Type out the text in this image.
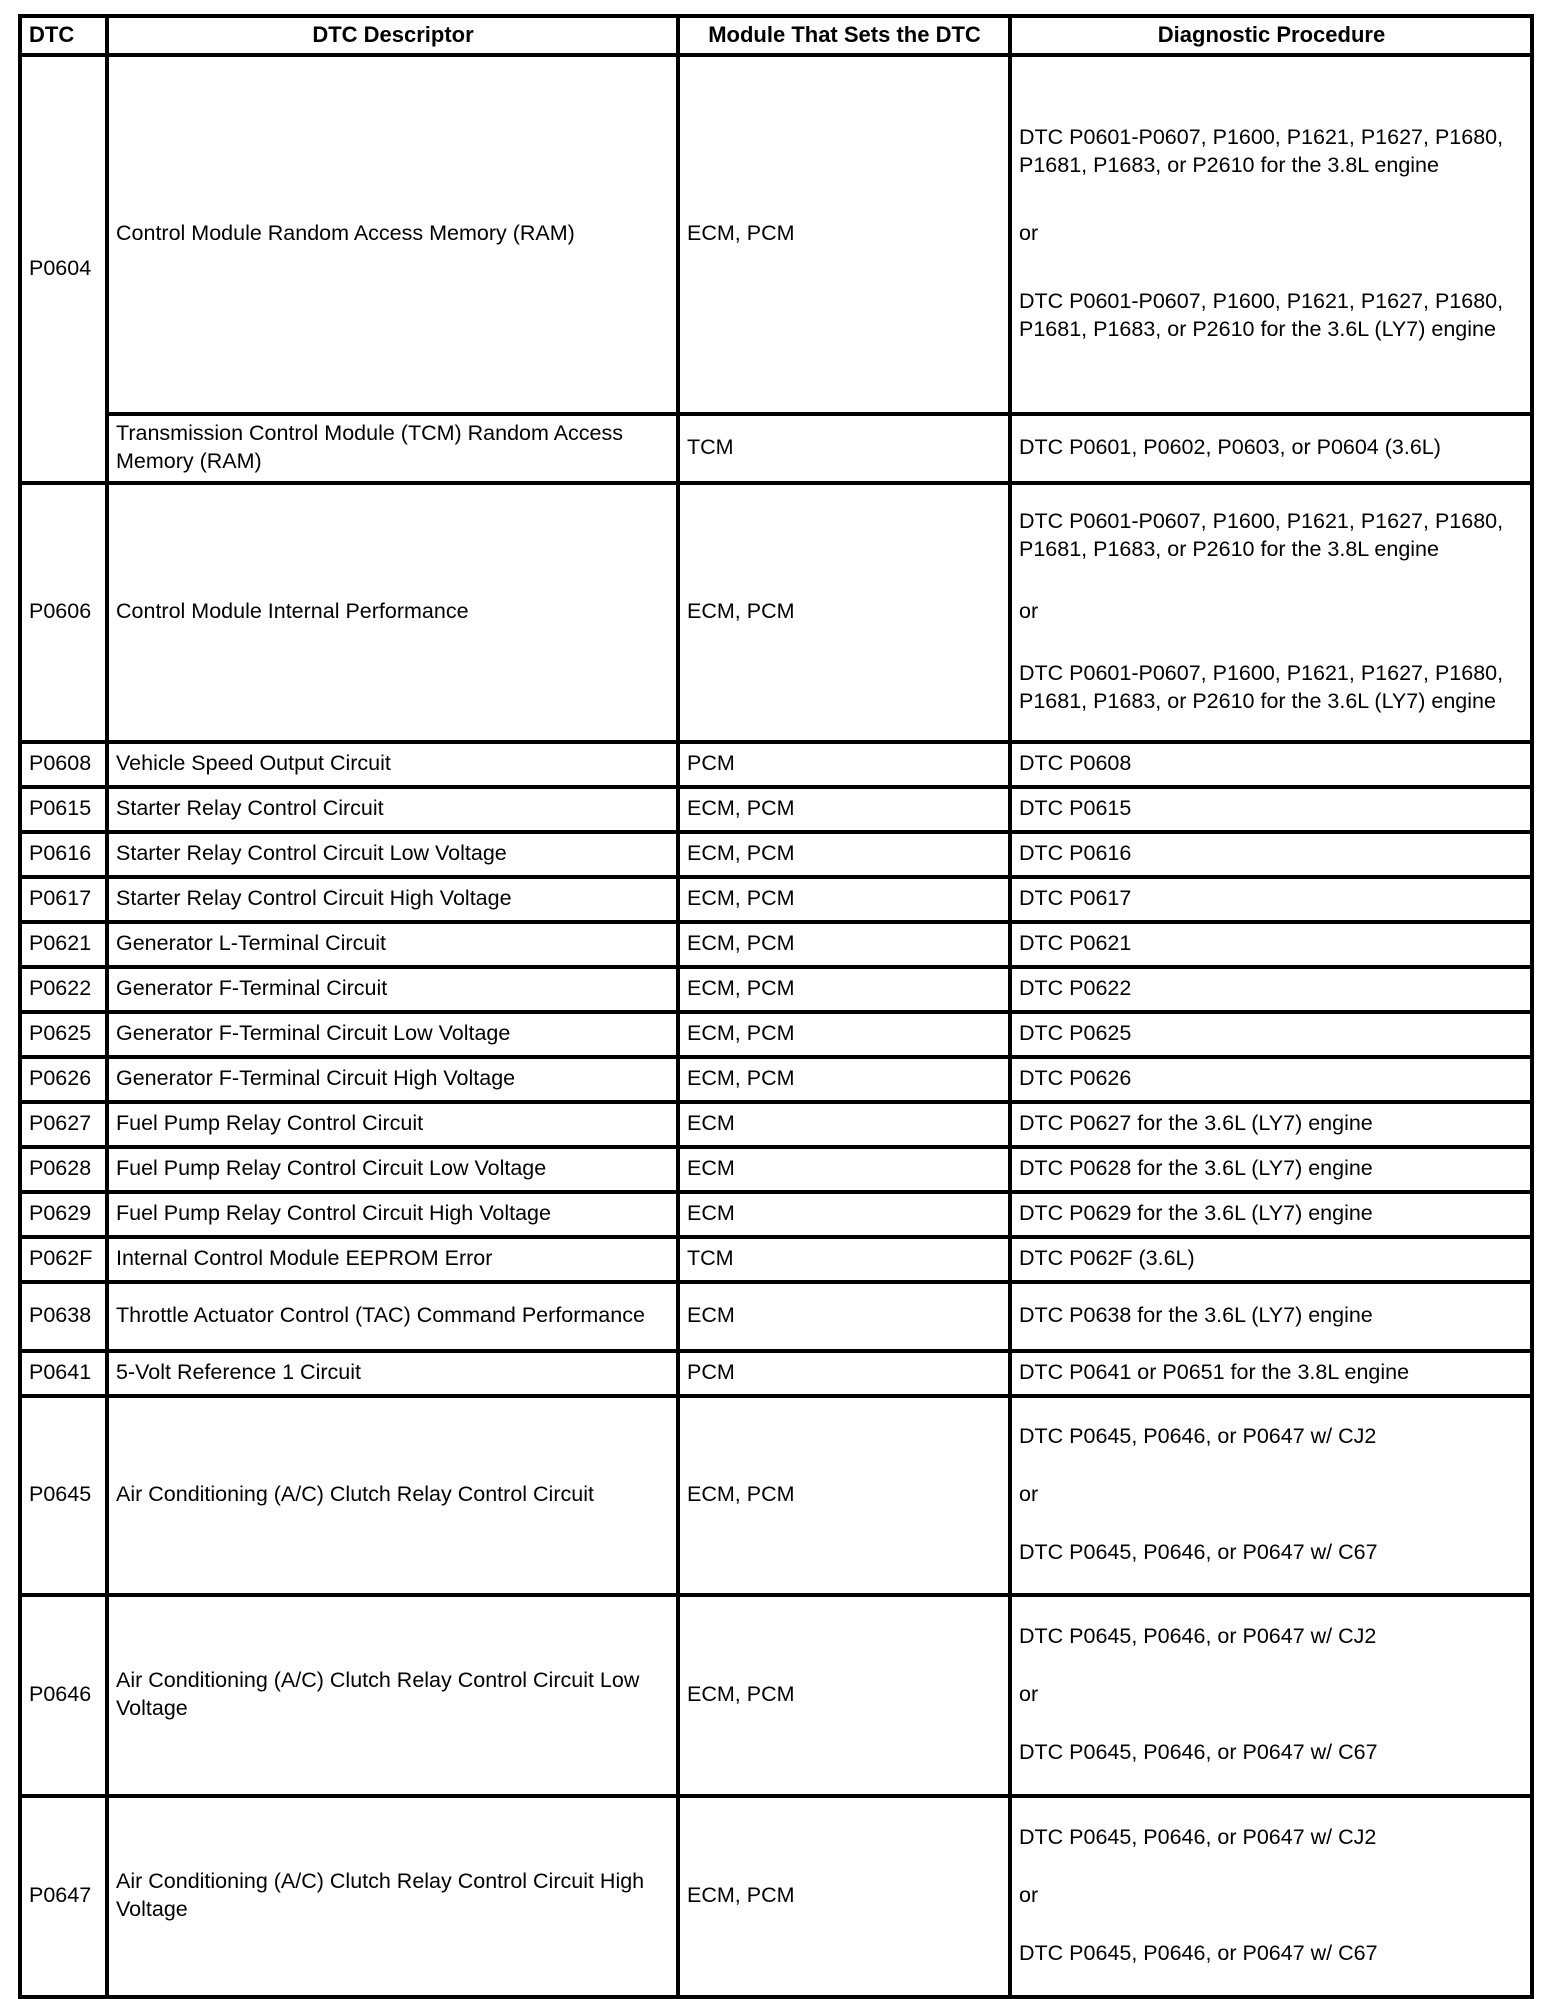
DTC	DTC Descriptor	Module That Sets the DTC	Diagnostic Procedure
P0604	Control Module Random Access Memory (RAM)	ECM, PCM	DTC P0601-P0607, P1600, P1621, P1627, P1680, P1681, P1683, or P2610 for the 3.8L engine
or
DTC P0601-P0607, P1600, P1621, P1627, P1680, P1681, P1683, or P2610 for the 3.6L (LY7) engine

	Transmission Control Module (TCM) Random Access Memory (RAM)	TCM	DTC P0601, P0602, P0603, or P0604 (3.6L)
P0606	Control Module Internal Performance	ECM, PCM	DTC P0601-P0607, P1600, P1621, P1627, P1680, P1681, P1683, or P2610 for the 3.8L engine
or
DTC P0601-P0607, P1600, P1621, P1627, P1680, P1681, P1683, or P2610 for the 3.6L (LY7) engine

P0608	Vehicle Speed Output Circuit	PCM	DTC P0608
P0615	Starter Relay Control Circuit	ECM, PCM	DTC P0615
P0616	Starter Relay Control Circuit Low Voltage	ECM, PCM	DTC P0616
P0617	Starter Relay Control Circuit High Voltage	ECM, PCM	DTC P0617
P0621	Generator L-Terminal Circuit	ECM, PCM	DTC P0621
P0622	Generator F-Terminal Circuit	ECM, PCM	DTC P0622
P0625	Generator F-Terminal Circuit Low Voltage	ECM, PCM	DTC P0625
P0626	Generator F-Terminal Circuit High Voltage	ECM, PCM	DTC P0626
P0627	Fuel Pump Relay Control Circuit	ECM	DTC P0627 for the 3.6L (LY7) engine
P0628	Fuel Pump Relay Control Circuit Low Voltage	ECM	DTC P0628 for the 3.6L (LY7) engine
P0629	Fuel Pump Relay Control Circuit High Voltage	ECM	DTC P0629 for the 3.6L (LY7) engine
P062F	Internal Control Module EEPROM Error	TCM	DTC P062F (3.6L)
P0638	Throttle Actuator Control (TAC) Command Performance	ECM	DTC P0638 for the 3.6L (LY7) engine
P0641	5-Volt Reference 1 Circuit	PCM	DTC P0641 or P0651 for the 3.8L engine
P0645	Air Conditioning (A/C) Clutch Relay Control Circuit	ECM, PCM	DTC P0645, P0646, or P0647 w/ CJ2
or
DTC P0645, P0646, or P0647 w/ C67

P0646	Air Conditioning (A/C) Clutch Relay Control Circuit Low Voltage	ECM, PCM	DTC P0645, P0646, or P0647 w/ CJ2
or
DTC P0645, P0646, or P0647 w/ C67

P0647	Air Conditioning (A/C) Clutch Relay Control Circuit High Voltage	ECM, PCM	DTC P0645, P0646, or P0647 w/ CJ2
or
DTC P0645, P0646, or P0647 w/ C67
